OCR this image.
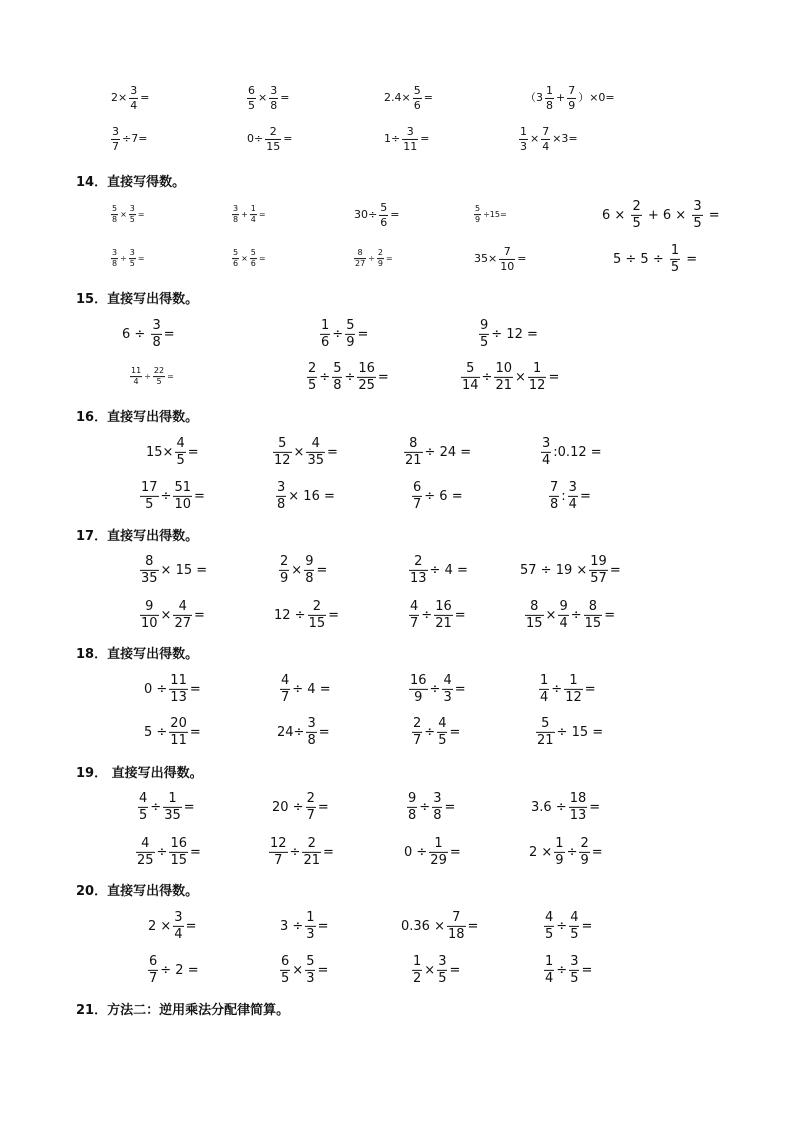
$2\times \frac{3}{4}$ =	$\frac{6}{5} \times \frac{3}{8}$ =	$2.4\times \frac{5}{6}$ =	$(3 \frac{1}{8} + \frac{7}{9} )\times 0=$
$\frac{3}{7} \div 7=$	$0\div \frac{2}{15}$ =	$1\div \frac{3}{11}$ =	$\frac{1}{3} \times \frac{7}{4} \times 3=$
14．直接写得数。
$\frac{5}{8} \times \frac{3}{5}$ =	$\frac{3}{8} + \frac{1}{4}$ =	$30\div \frac{5}{6}$ =	$\frac{5}{9} \div 15=$	$6 \times \frac{2}{5} + 6 \times \frac{3}{5}$ =
$\frac{3}{8} \div \frac{3}{5}$ =	$\frac{5}{6} \times \frac{5}{6}$ =	$\frac{8}{27} \div \frac{2}{9}$ =	$35\times \frac{7}{10}$ =	$5 \div 5 \div \frac{1}{5}$ =
15．直接写出得数。
$6 \div \frac{3}{8}$ =	$\frac{1}{6} \div \frac{5}{9}$ =	$\frac{9}{5} \div 12$ =
$\frac{11}{4} \div \frac{22}{5}$ =	$\frac{2}{5} \div \frac{5}{8} \div \frac{16}{25}$ =	$\frac{5}{14} \div \frac{10}{21} \times \frac{1}{12}$ =
16．直接写出得数。
$15\times \frac{4}{5}$ =	$\frac{5}{12} \times \frac{4}{35}$ =	$\frac{8}{21} \div 24$ =	$\frac{3}{4}$ :0.12 =
$\frac{17}{5} \div \frac{51}{10}$ =	$\frac{3}{8} \times 16$ =	$\frac{6}{7} \div 6$ =	$\frac{7}{8}$ : $\frac{3}{4}$ =
17．直接写出得数。
$\frac{8}{35} \times 15$ =	$\frac{2}{9} \times \frac{9}{8}$ =	$\frac{2}{13} \div 4$ =	$57 \div 19 \times \frac{19}{57}$ =
$\frac{9}{10} \times \frac{4}{27}$ =	$12 \div \frac{2}{15}$ =	$\frac{4}{7} \div \frac{16}{21}$ =	$\frac{8}{15} \times \frac{9}{4} \div \frac{8}{15}$ =
18．直接写出得数。
$0 \div \frac{11}{13}$ =	$\frac{4}{7} \div 4$ =	$\frac{16}{9} \div \frac{4}{3}$ =	$\frac{1}{4} \div \frac{1}{12}$ =
$5 \div \frac{20}{11}$ =	$24\div \frac{3}{8}$ =	$\frac{2}{7} \div \frac{4}{5}$ =	$\frac{5}{21} \div 15$ =
19． 直接写出得数。
$\frac{4}{5} \div \frac{1}{35}$ =	$20 \div \frac{2}{7}$ =	$\frac{9}{8} \div \frac{3}{8}$ =	$3.6 \div \frac{18}{13}$ =
$\frac{4}{25} \div \frac{16}{15}$ =	$\frac{12}{7} \div \frac{2}{21}$ =	$0 \div \frac{1}{29}$ =	$2 \times \frac{1}{9} \div \frac{2}{9}$ =
20．直接写出得数。
$2 \times \frac{3}{4}$ =	$3 \div \frac{1}{3}$ =	$0.36 \times \frac{7}{18}$ =	$\frac{4}{5} \div \frac{4}{5}$ =
$\frac{6}{7} \div 2$ =	$\frac{6}{5} \times \frac{5}{3}$ =	$\frac{1}{2} \times \frac{3}{5}$ =	$\frac{1}{4} \div \frac{3}{5}$ =
21．方法二：逆用乘法分配律简算。
